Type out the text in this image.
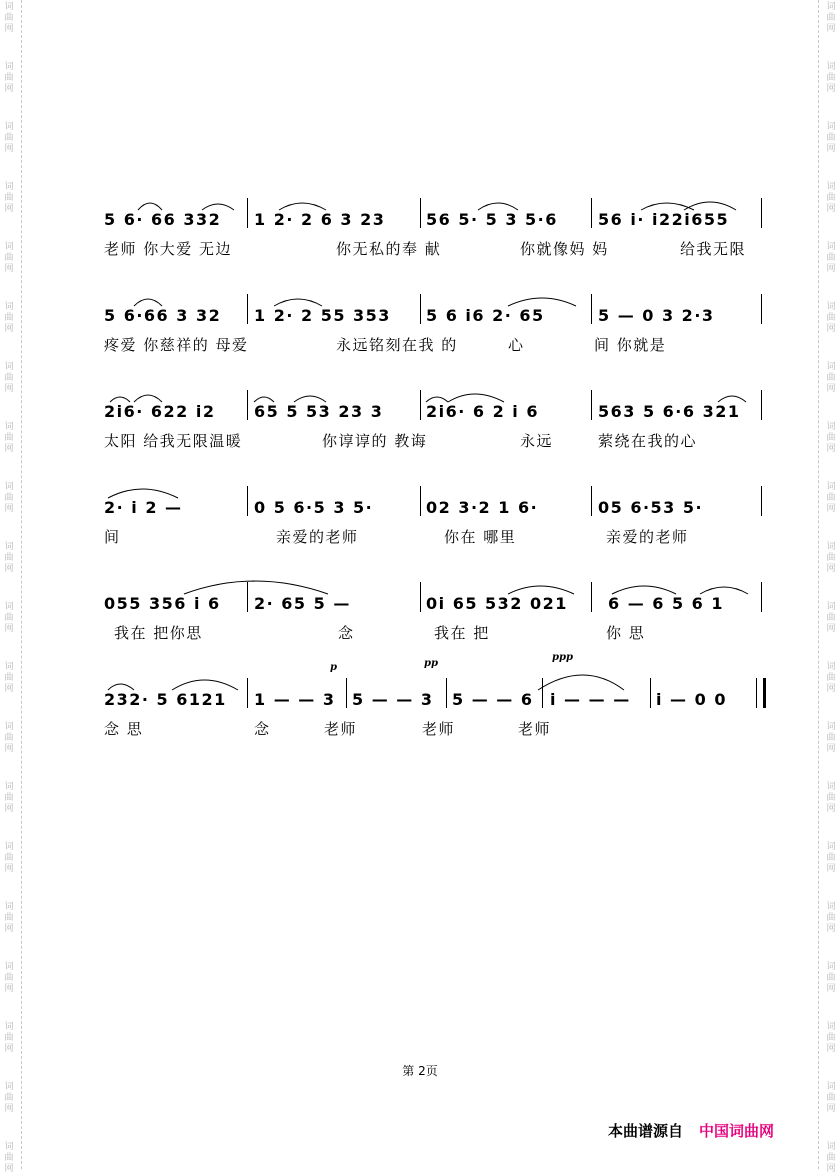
词
曲
网
词
曲
网
词
曲
网
词
曲
网
词
曲
网
词
曲
网
词
曲
网
词
曲
网
词
曲
网
词
曲
网
词
曲
网
词
曲
网
词
曲
网
词
曲
网
词
曲
网
词
曲
网
词
曲
网
词
曲
网
词
曲
网
词
曲
网
词
曲
网
词
曲
网
词
曲
网
词
曲
网
词
曲
网
词
曲
网
词
曲
网
词
曲
网
词
曲
网
词
曲
网
词
曲
网
词
曲
网
词
曲
网
词
曲
网
词
曲
网
词
曲
网
词
曲
网
词
曲
网
词
曲
网
词
曲
网
5 6· 66 332 1 2· 2 6 3 23	56 5· 5 3 5·6	56 i· i22i655
老师 你大爱 无边	你无私的奉 献	你就像妈 妈	给我无限
5 6·66 3 32 1 2· 2 55 353 5 6 i6 2· 65	5 — 0 3 2·3
疼爱 你慈祥的 母爱	永远铭刻在我 的	心	间 你就是
2i6· 622 i2 65 5 53 23 3	2i6· 6 2 i 6	563 5 6·6 321
太阳 给我无限温暖	你谆谆的 教诲	永远	萦绕在我的心
2· i 2 —	0 5 6·5 3 5·	02 3·2 1 6·	05 6·53 5·
间	亲爱的老师	你在 哪里	亲爱的老师
055 356 i 6 2· 65 5 —	0i 65 532 021	6 — 6 5 6 1
我在 把你思	念	我在 把	你 思
p	pp
ppp
232· 5 6121 1 — — 3 5 — — 3 5 — — 6 i — — — i — 0 0
念 思	念	老师	老师	老师
第 2页
本曲谱源自 中国词曲网
